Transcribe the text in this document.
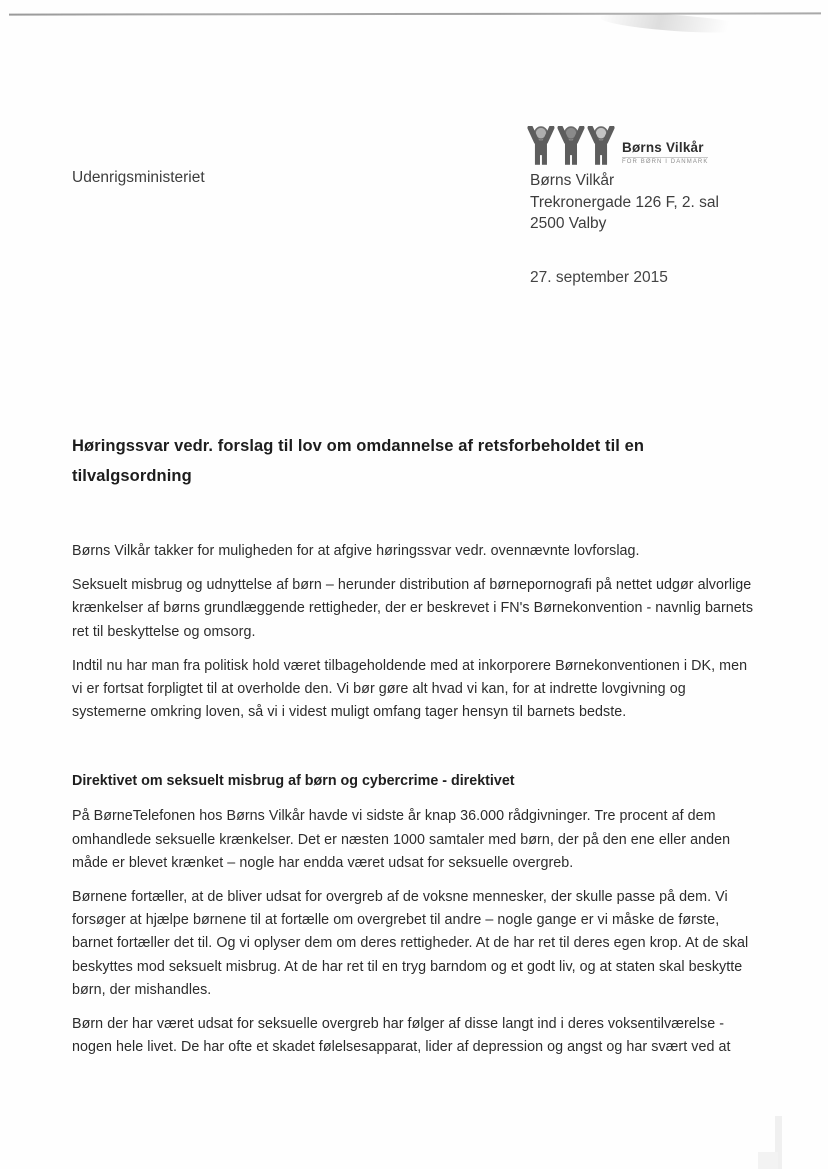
Udenrigsministeriet
Børns Vilkår
FOR BØRN I DANMARK
Børns Vilkår
Trekronergade 126 F, 2. sal
2500 Valby
27. september 2015
Høringssvar vedr. forslag til lov om omdannelse af retsforbeholdet til en tilvalgsordning

Børns Vilkår takker for muligheden for at afgive høringssvar vedr. ovennævnte lovforslag.

Seksuelt misbrug og udnyttelse af børn – herunder distribution af børnepornografi på nettet udgør alvorlige krænkelser af børns grundlæggende rettigheder, der er beskrevet i FN's Børnekonvention - navnlig barnets ret til beskyttelse og omsorg.

Indtil nu har man fra politisk hold været tilbageholdende med at inkorporere Børnekonventionen i DK, men vi er fortsat forpligtet til at overholde den. Vi bør gøre alt hvad vi kan, for at indrette lovgivning og systemerne omkring loven, så vi i videst muligt omfang tager hensyn til barnets bedste.

Direktivet om seksuelt misbrug af børn og cybercrime - direktivet

På BørneTelefonen hos Børns Vilkår havde vi sidste år knap 36.000 rådgivninger. Tre procent af dem omhandlede seksuelle krænkelser. Det er næsten 1000 samtaler med børn, der på den ene eller anden måde er blevet krænket – nogle har endda været udsat for seksuelle overgreb.

Børnene fortæller, at de bliver udsat for overgreb af de voksne mennesker, der skulle passe på dem. Vi forsøger at hjælpe børnene til at fortælle om overgrebet til andre – nogle gange er vi måske de første, barnet fortæller det til. Og vi oplyser dem om deres rettigheder. At de har ret til deres egen krop. At de skal beskyttes mod seksuelt misbrug. At de har ret til en tryg barndom og et godt liv, og at staten skal beskytte børn, der mishandles.

Børn der har været udsat for seksuelle overgreb har følger af disse langt ind i deres voksentilværelse - nogen hele livet. De har ofte et skadet følelsesapparat, lider af depression og angst og har svært ved at
